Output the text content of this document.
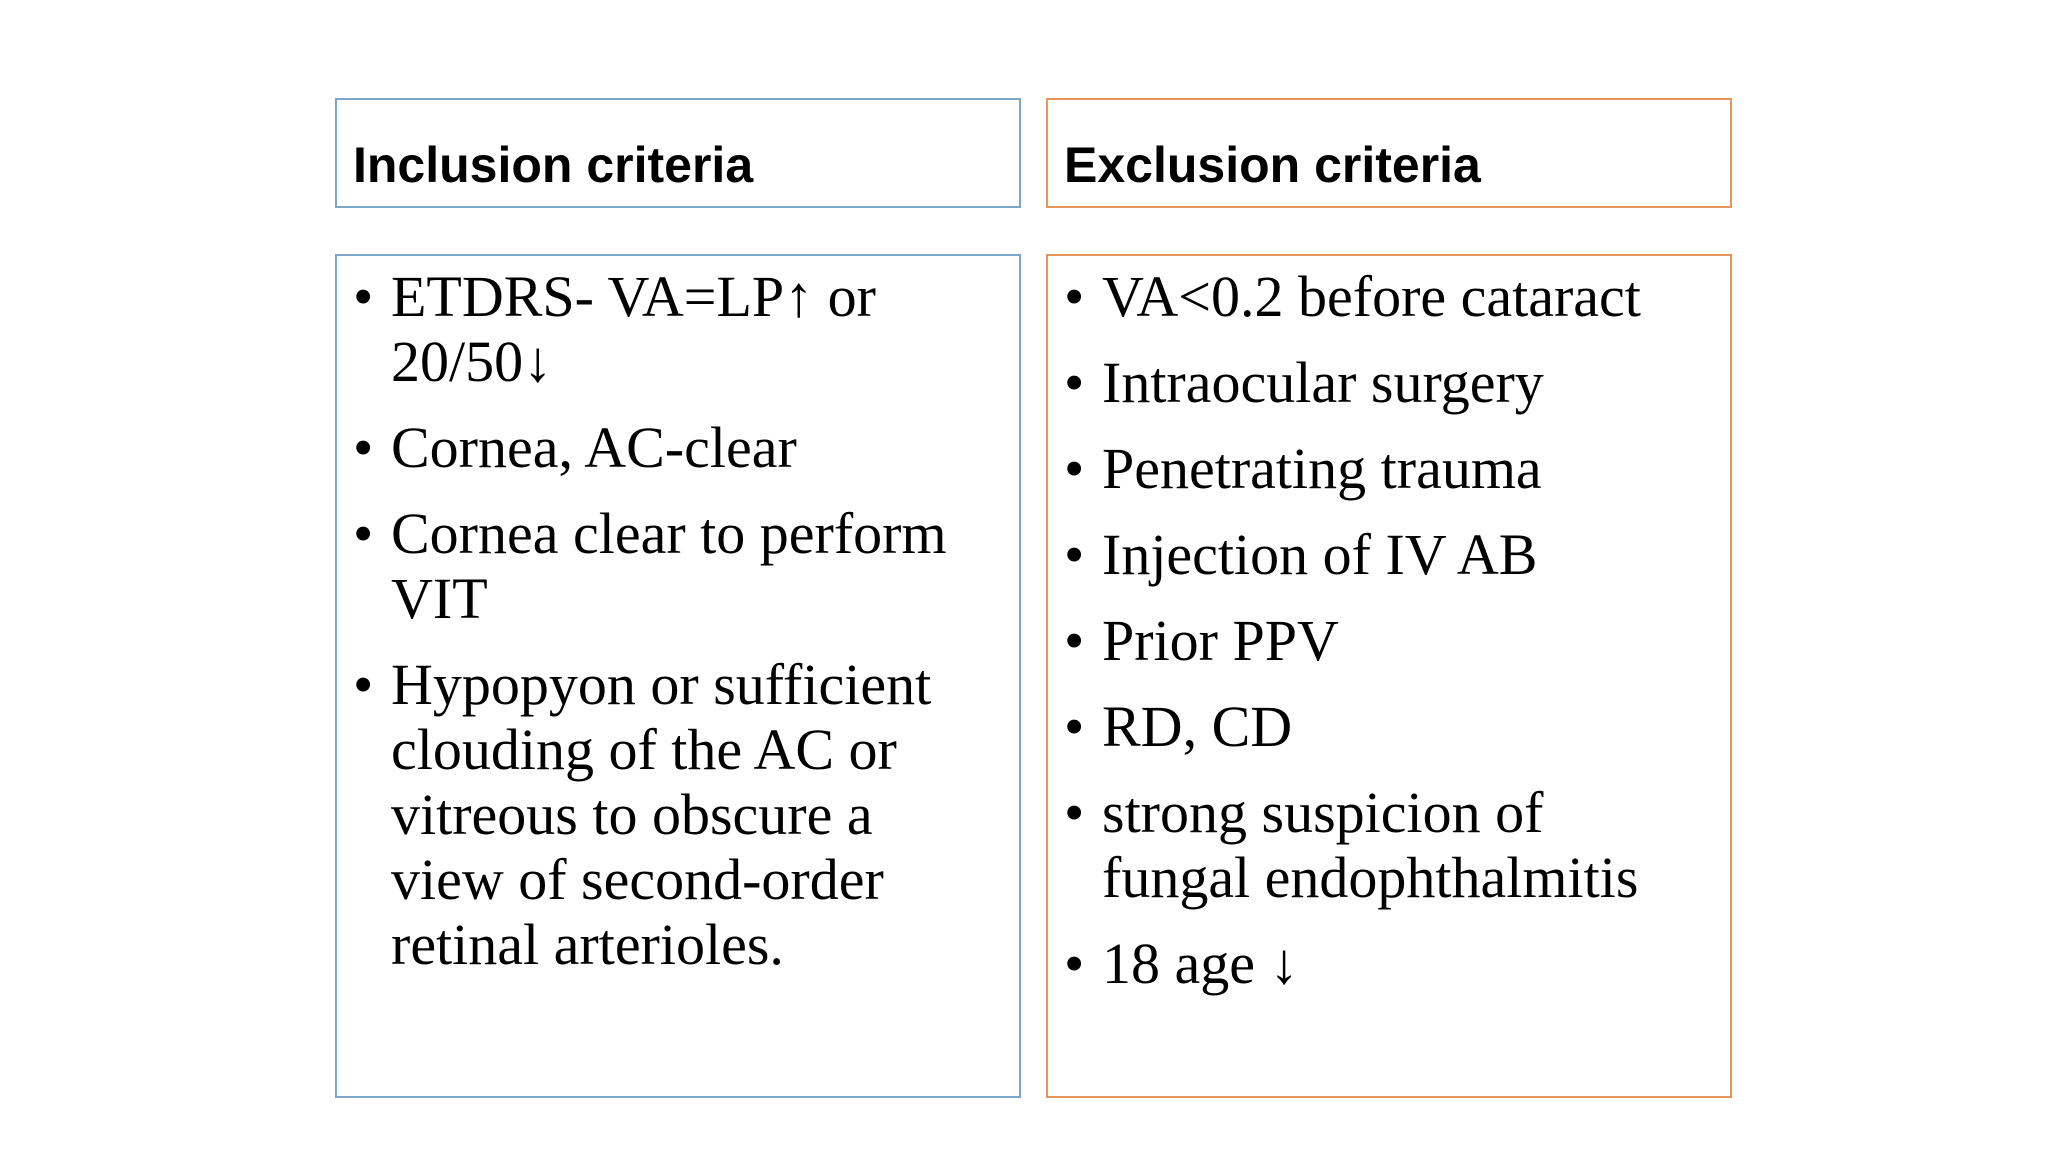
Inclusion criteria	Exclusion criteria
• ETDRS- VA=LP↑ or 20/50↓
• Cornea, AC-clear
• Cornea clear to perform VIT
• Hypopyon or sufficient clouding of the AC or vitreous to obscure a view of second-order retinal arterioles.
• VA<0.2 before cataract
• Intraocular surgery
• Penetrating trauma
• Injection of IV AB
• Prior PPV
• RD, CD
• strong suspicion of fungal endophthalmitis
• 18 age ↓
